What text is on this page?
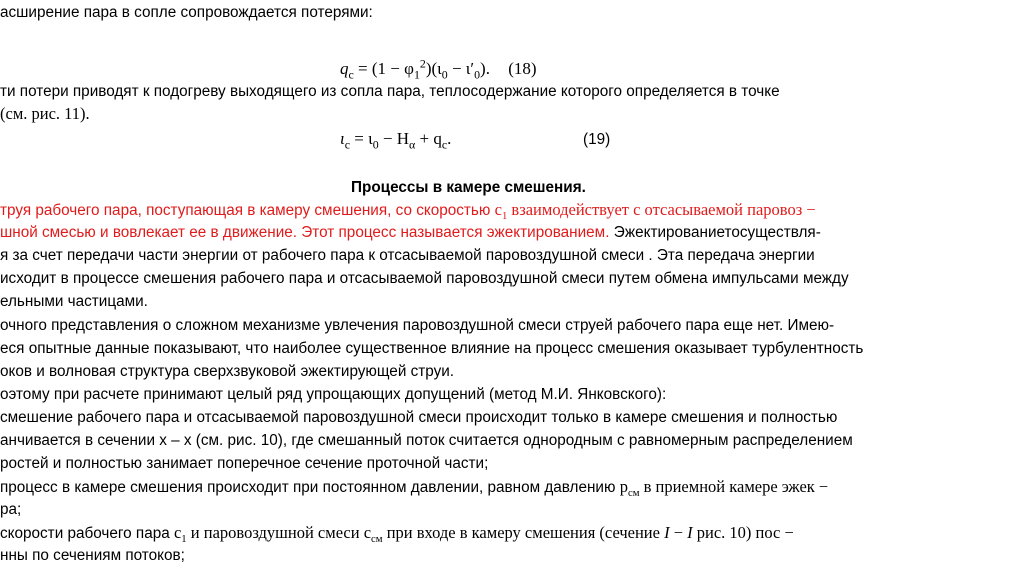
асширение пара в сопле сопровождается потерями:
$q_c = (1 - \varphi_1^2)(\iota_0 - \iota'_0)$. (18)
ти потери приводят к подогреву выходящего из сопла пара, теплосодержание которого определяется в точке
(см. рис. 11).
$\iota_c = \iota_0 - H_\alpha + q_c$.	(19)
Процессы в камере смешения.
труя рабочего пара, поступающая в камеру смешения, со скоростью $c_1$ взаимодействует с отсасываемой паровоз −
шной смесью и вовлекает ее в движение. Этот процесс называется эжектированием. Эжектированиетосуществля-
я за счет передачи части энергии от рабочего пара к отсасываемой паровоздушной смеси . Эта передача энергии
исходит в процессе смешения рабочего пара и отсасываемой паровоздушной смеси путем обмена импульсами между
ельными частицами.
очного представления о сложном механизме увлечения паровоздушной смеси струей рабочего пара еще нет. Имею-
еся опытные данные показывают, что наиболее существенное влияние на процесс смешения оказывает турбулентность
оков и волновая структура сверхзвуковой эжектирующей струи.
оэтому при расчете принимают целый ряд упрощающих допущений (метод М.И. Янковского):
смешение рабочего пара и отсасываемой паровоздушной смеси происходит только в камере смешения и полностью
анчивается в сечении x – x (см. рис. 10), где смешанный поток считается однородным с равномерным распределением
ростей и полностью занимает поперечное сечение проточной части;
процесс в камере смешения происходит при постоянном давлении, равном давлению $p_{см}$ в приемной камере эжек −
ра;
скорости рабочего пара $c_1$ и паровоздушной смеси $c_{см}$ при входе в камеру смешения (сечение I − I рис. 10) пос −
нны по сечениям потоков;
